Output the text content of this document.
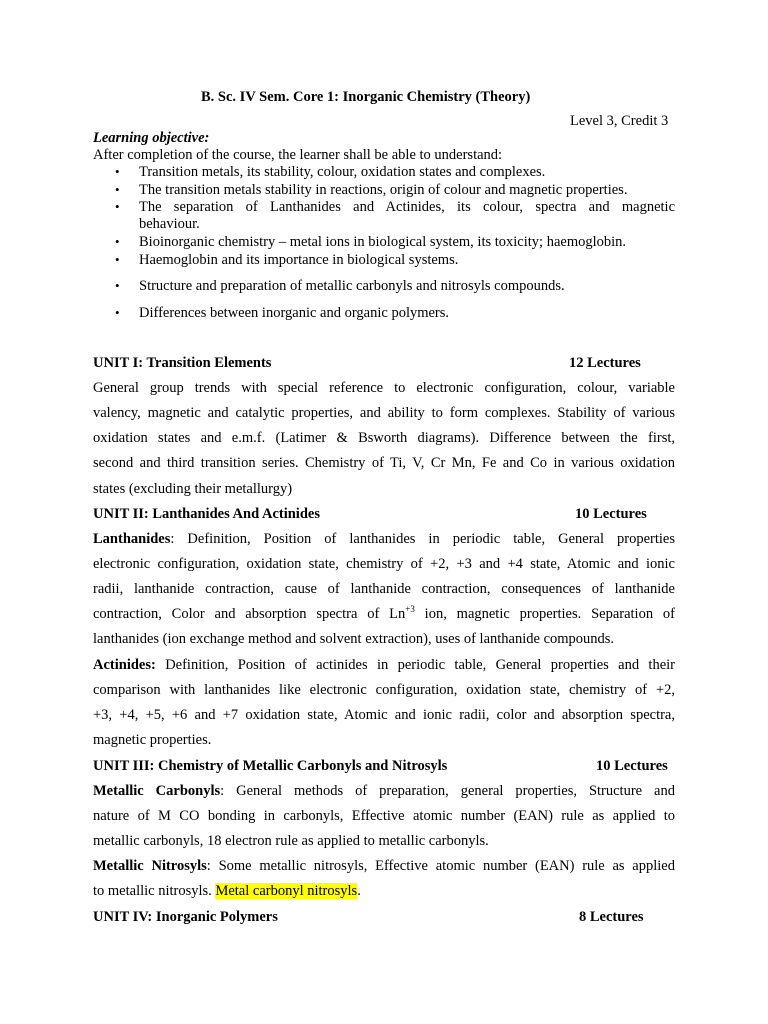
B. Sc. IV Sem. Core 1: Inorganic Chemistry (Theory)
Level 3, Credit 3
Learning objective:
After completion of the course, the learner shall be able to understand:
• Transition metals, its stability, colour, oxidation states and complexes.
• The transition metals stability in reactions, origin of colour and magnetic properties.
• The separation of Lanthanides and Actinides, its colour, spectra and magnetic
behaviour.
• Bioinorganic chemistry – metal ions in biological system, its toxicity; haemoglobin.
• Haemoglobin and its importance in biological systems.
• Structure and preparation of metallic carbonyls and nitrosyls compounds.
• Differences between inorganic and organic polymers.
UNIT I: Transition Elements	12 Lectures
General group trends with special reference to electronic configuration, colour, variable
valency, magnetic and catalytic properties, and ability to form complexes. Stability of various
oxidation states and e.m.f. (Latimer & Bsworth diagrams). Difference between the first,
second and third transition series. Chemistry of Ti, V, Cr Mn, Fe and Co in various oxidation
states (excluding their metallurgy)
UNIT II: Lanthanides And Actinides	10 Lectures
Lanthanides: Definition, Position of lanthanides in periodic table, General properties
electronic configuration, oxidation state, chemistry of +2, +3 and +4 state, Atomic and ionic
radii, lanthanide contraction, cause of lanthanide contraction, consequences of lanthanide
contraction, Color and absorption spectra of $Ln^{+3}$ ion, magnetic properties. Separation of
lanthanides (ion exchange method and solvent extraction), uses of lanthanide compounds.
Actinides: Definition, Position of actinides in periodic table, General properties and their
comparison with lanthanides like electronic configuration, oxidation state, chemistry of +2,
+3, +4, +5, +6 and +7 oxidation state, Atomic and ionic radii, color and absorption spectra,
magnetic properties.
UNIT III: Chemistry of Metallic Carbonyls and Nitrosyls	10 Lectures
Metallic Carbonyls: General methods of preparation, general properties, Structure and
nature of M CO bonding in carbonyls, Effective atomic number (EAN) rule as applied to
metallic carbonyls, 18 electron rule as applied to metallic carbonyls.
Metallic Nitrosyls: Some metallic nitrosyls, Effective atomic number (EAN) rule as applied
to metallic nitrosyls. Metal carbonyl nitrosyls.
UNIT IV: Inorganic Polymers	8 Lectures
